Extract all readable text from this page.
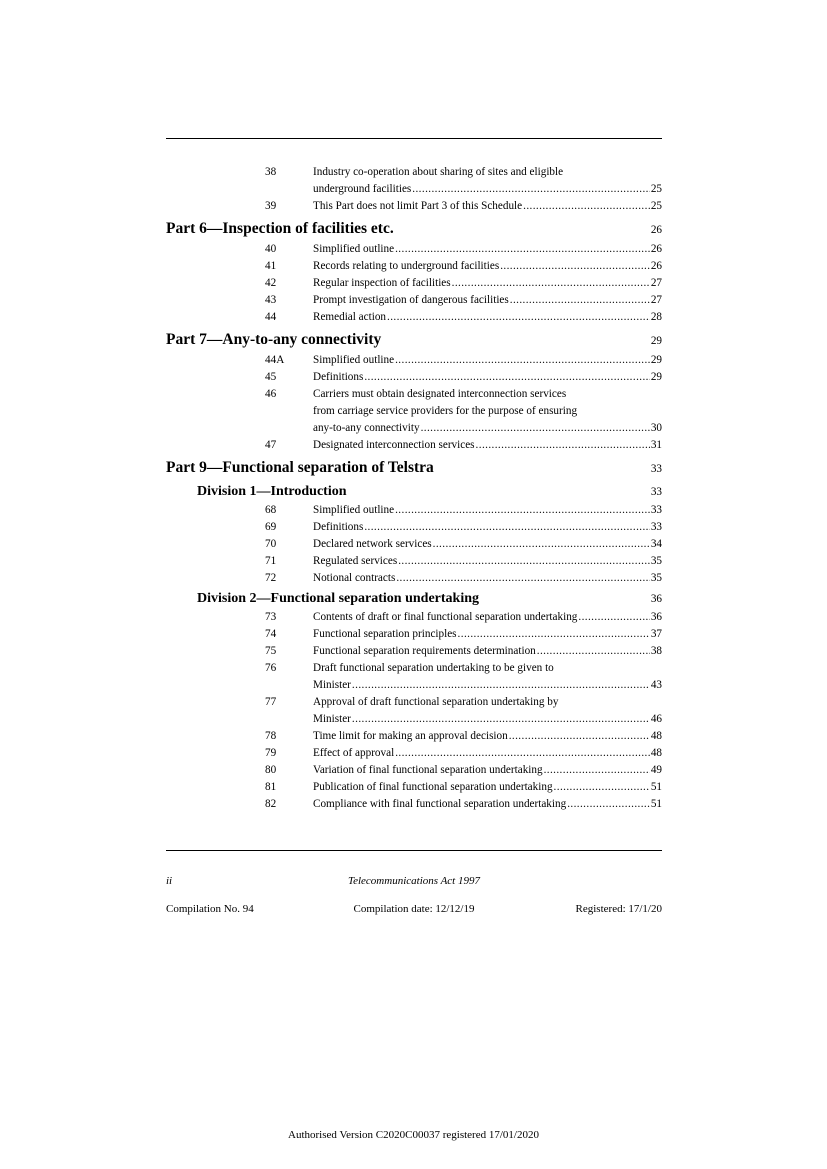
38	Industry co-operation about sharing of sites and eligible
underground facilities .....	25
39	This Part does not limit Part 3 of this Schedule .....	25
Part 6—Inspection of facilities etc.	26
40	Simplified outline .....	26
41	Records relating to underground facilities .....	26
42	Regular inspection of facilities .....	27
43	Prompt investigation of dangerous facilities .....	27
44	Remedial action .....	28
Part 7—Any-to-any connectivity	29
44A	Simplified outline .....	29
45	Definitions .....	29
46	Carriers must obtain designated interconnection services
from carriage service providers for the purpose of ensuring
any-to-any connectivity .....	30
47	Designated interconnection services .....	31
Part 9—Functional separation of Telstra	33
Division 1—Introduction	33
68	Simplified outline .....	33
69	Definitions .....	33
70	Declared network services .....	34
71	Regulated services .....	35
72	Notional contracts .....	35
Division 2—Functional separation undertaking	36
73	Contents of draft or final functional separation undertaking .....	36
74	Functional separation principles .....	37
75	Functional separation requirements determination .....	38
76	Draft functional separation undertaking to be given to
Minister .....	43
77	Approval of draft functional separation undertaking by
Minister .....	46
78	Time limit for making an approval decision .....	48
79	Effect of approval .....	48
80	Variation of final functional separation undertaking .....	49
81	Publication of final functional separation undertaking .....	51
82	Compliance with final functional separation undertaking .....	51
ii	Telecommunications Act 1997
Compilation No. 94	Compilation date: 12/12/19	Registered: 17/1/20
Authorised Version C2020C00037 registered 17/01/2020
